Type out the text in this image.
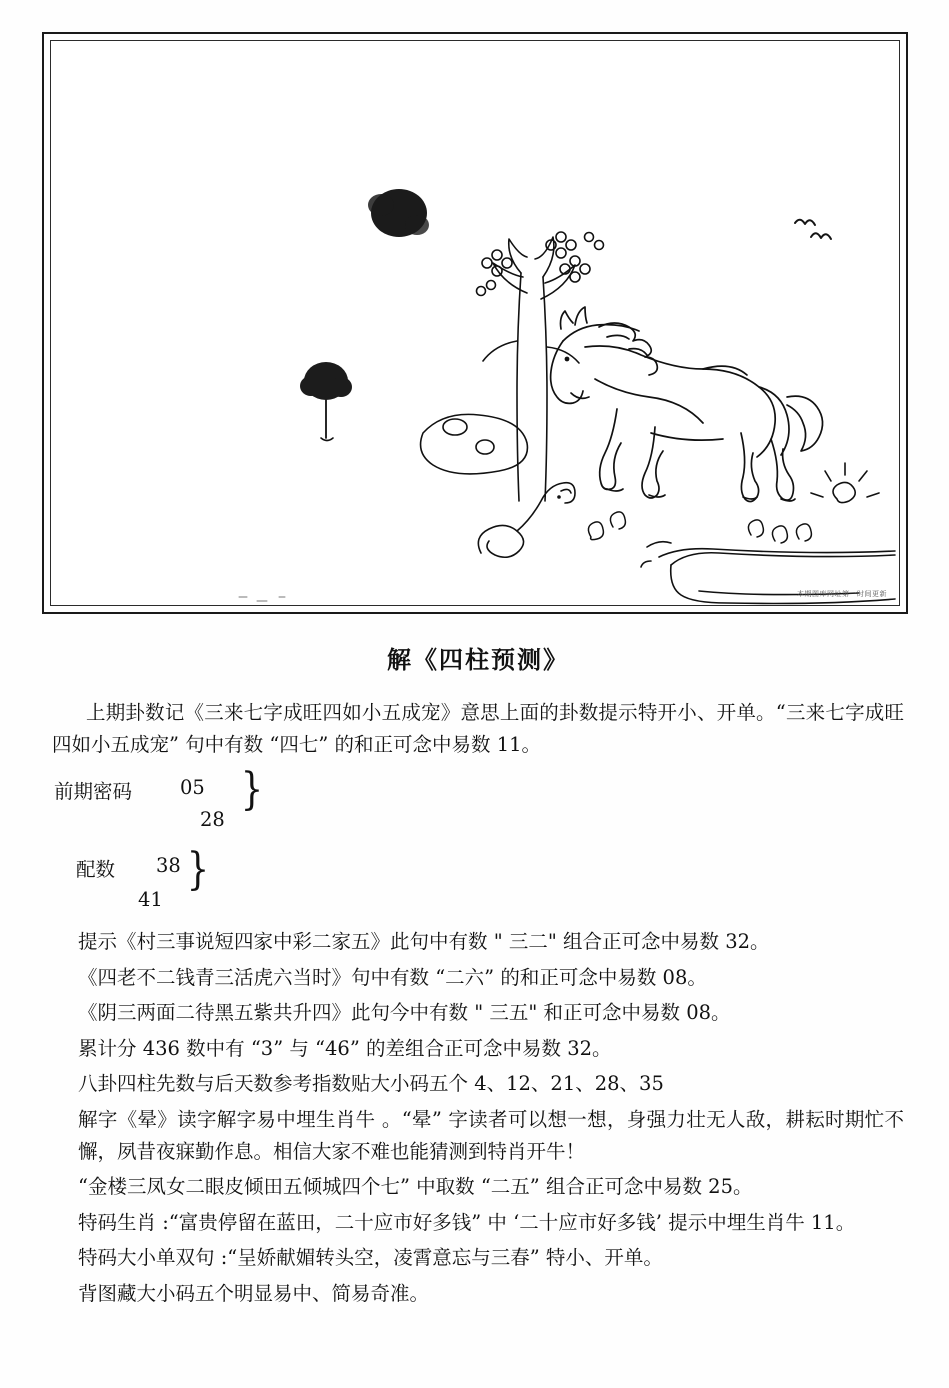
本期图库网址第一时间更新
解《四柱预测》

上期卦数记《三来七字成旺四如小五成宠》意思上面的卦数提示特开小、开单。“三来七字成旺四如小五成宠” 句中有数 “四七” 的和正可念中易数 11。

前期密码 05
28
}
配数 38
41
}

提示《村三事说短四家中彩二家五》此句中有数 " 三二" 组合正可念中易数 32。

《四老不二钱青三活虎六当时》句中有数 “二六” 的和正可念中易数 08。

《阴三两面二待黑五紫共升四》此句今中有数 " 三五" 和正可念中易数 08。

累计分 436 数中有 “3” 与 “46” 的差组合正可念中易数 32。

八卦四柱先数与后天数参考指数贴大小码五个 4、12、21、28、35

解字《晕》读字解字易中埋生肖牛 。“晕” 字读者可以想一想，身强力壮无人敌，耕耘时期忙不懈，夙昔夜寐勤作息。相信大家不难也能猜测到特肖开牛！

“金楼三凤女二眼皮倾田五倾城四个七” 中取数 “二五” 组合正可念中易数 25。

特码生肖 :“富贵停留在蓝田，二十应市好多钱” 中 ‘二十应市好多钱’ 提示中埋生肖牛 11。

特码大小单双句 :“呈娇献媚转头空，凌霄意忘与三春” 特小、开单。

背图藏大小码五个明显易中、简易奇准。
